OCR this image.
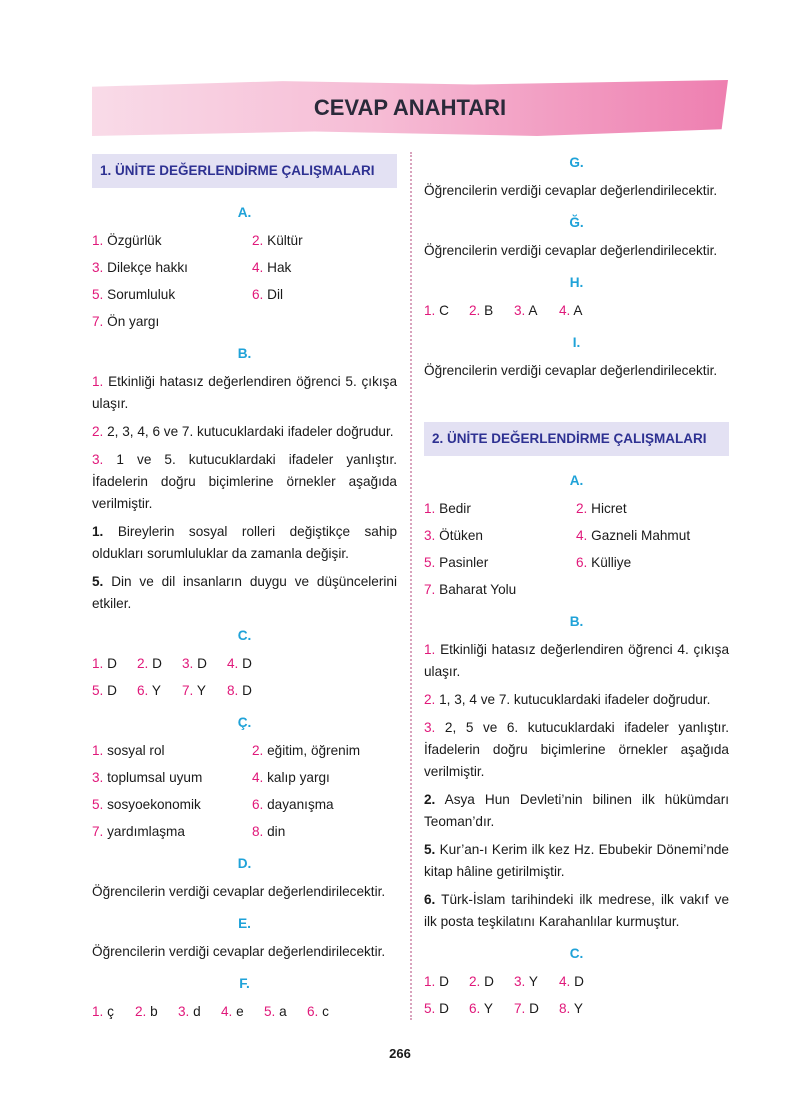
CEVAP ANAHTARI
1. ÜNİTE DEĞERLENDİRME ÇALIŞMALARI
A.
1. Özgürlük	2. Kültür
3. Dilekçe hakkı	4. Hak
5. Sorumluluk	6. Dil
7. Ön yargı
B.

1. Etkinliği hatasız değerlendiren öğrenci 5. çıkışa ulaşır.

2. 2, 3, 4, 6 ve 7. kutucuklardaki ifadeler doğrudur.

3. 1 ve 5. kutucuklardaki ifadeler yanlıştır. İfadelerin doğru biçimlerine örnekler aşağıda verilmiştir.

1. Bireylerin sosyal rolleri değiştikçe sahip oldukları sorumluluklar da zamanla değişir.

5. Din ve dil insanların duygu ve düşüncelerini etkiler.

C.
1. D	2. D	3. D	4. D
5. D	6. Y	7. Y	8. D
Ç.
1. sosyal rol	2. eğitim, öğrenim
3. toplumsal uyum	4. kalıp yargı
5. sosyoekonomik	6. dayanışma
7. yardımlaşma	8. din
D.

Öğrencilerin verdiği cevaplar değerlendirilecektir.

E.

Öğrencilerin verdiği cevaplar değerlendirilecektir.

F.
1. ç	2. b	3. d	4. e	5. a	6. c
G.

Öğrencilerin verdiği cevaplar değerlendirilecektir.

Ğ.

Öğrencilerin verdiği cevaplar değerlendirilecektir.

H.
1. C	2. B	3. A	4. A
I.

Öğrencilerin verdiği cevaplar değerlendirilecektir.

2. ÜNİTE DEĞERLENDİRME ÇALIŞMALARI
A.
1. Bedir	2. Hicret
3. Ötüken	4. Gazneli Mahmut
5. Pasinler	6. Külliye
7. Baharat Yolu
B.

1. Etkinliği hatasız değerlendiren öğrenci 4. çıkışa ulaşır.

2. 1, 3, 4 ve 7. kutucuklardaki ifadeler doğrudur.

3. 2, 5 ve 6. kutucuklardaki ifadeler yanlıştır. İfadelerin doğru biçimlerine örnekler aşağıda verilmiştir.

2. Asya Hun Devleti’nin bilinen ilk hükümdarı Teoman’dır.

5. Kur’an-ı Kerim ilk kez Hz. Ebubekir Dönemi’nde kitap hâline getirilmiştir.

6. Türk-İslam tarihindeki ilk medrese, ilk vakıf ve ilk posta teşkilatını Karahanlılar kurmuştur.

C.
1. D	2. D	3. Y	4. D
5. D	6. Y	7. D	8. Y
266
